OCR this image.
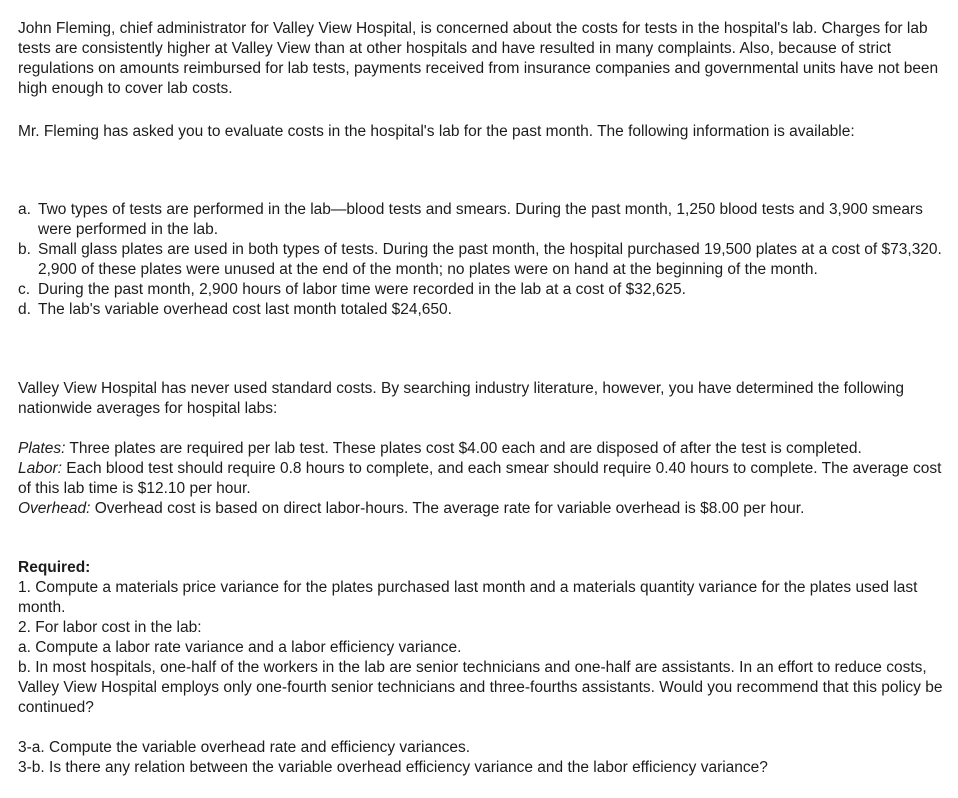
John Fleming, chief administrator for Valley View Hospital, is concerned about the costs for tests in the hospital's lab. Charges for lab tests are consistently higher at Valley View than at other hospitals and have resulted in many complaints. Also, because of strict regulations on amounts reimbursed for lab tests, payments received from insurance companies and governmental units have not been high enough to cover lab costs.

Mr. Fleming has asked you to evaluate costs in the hospital's lab for the past month. The following information is available:

a. Two types of tests are performed in the lab—blood tests and smears. During the past month, 1,250 blood tests and 3,900 smears were performed in the lab.
b. Small glass plates are used in both types of tests. During the past month, the hospital purchased 19,500 plates at a cost of $73,320. 2,900 of these plates were unused at the end of the month; no plates were on hand at the beginning of the month.
c. During the past month, 2,900 hours of labor time were recorded in the lab at a cost of $32,625.
d. The lab's variable overhead cost last month totaled $24,650.

Valley View Hospital has never used standard costs. By searching industry literature, however, you have determined the following nationwide averages for hospital labs:

Plates: Three plates are required per lab test. These plates cost $4.00 each and are disposed of after the test is completed.

Labor: Each blood test should require 0.8 hours to complete, and each smear should require 0.40 hours to complete. The average cost of this lab time is $12.10 per hour.

Overhead: Overhead cost is based on direct labor-hours. The average rate for variable overhead is $8.00 per hour.

Required:

1. Compute a materials price variance for the plates purchased last month and a materials quantity variance for the plates used last month.

2. For labor cost in the lab:

a. Compute a labor rate variance and a labor efficiency variance.

b. In most hospitals, one-half of the workers in the lab are senior technicians and one-half are assistants. In an effort to reduce costs, Valley View Hospital employs only one-fourth senior technicians and three-fourths assistants. Would you recommend that this policy be continued?

3-a. Compute the variable overhead rate and efficiency variances.

3-b. Is there any relation between the variable overhead efficiency variance and the labor efficiency variance?
